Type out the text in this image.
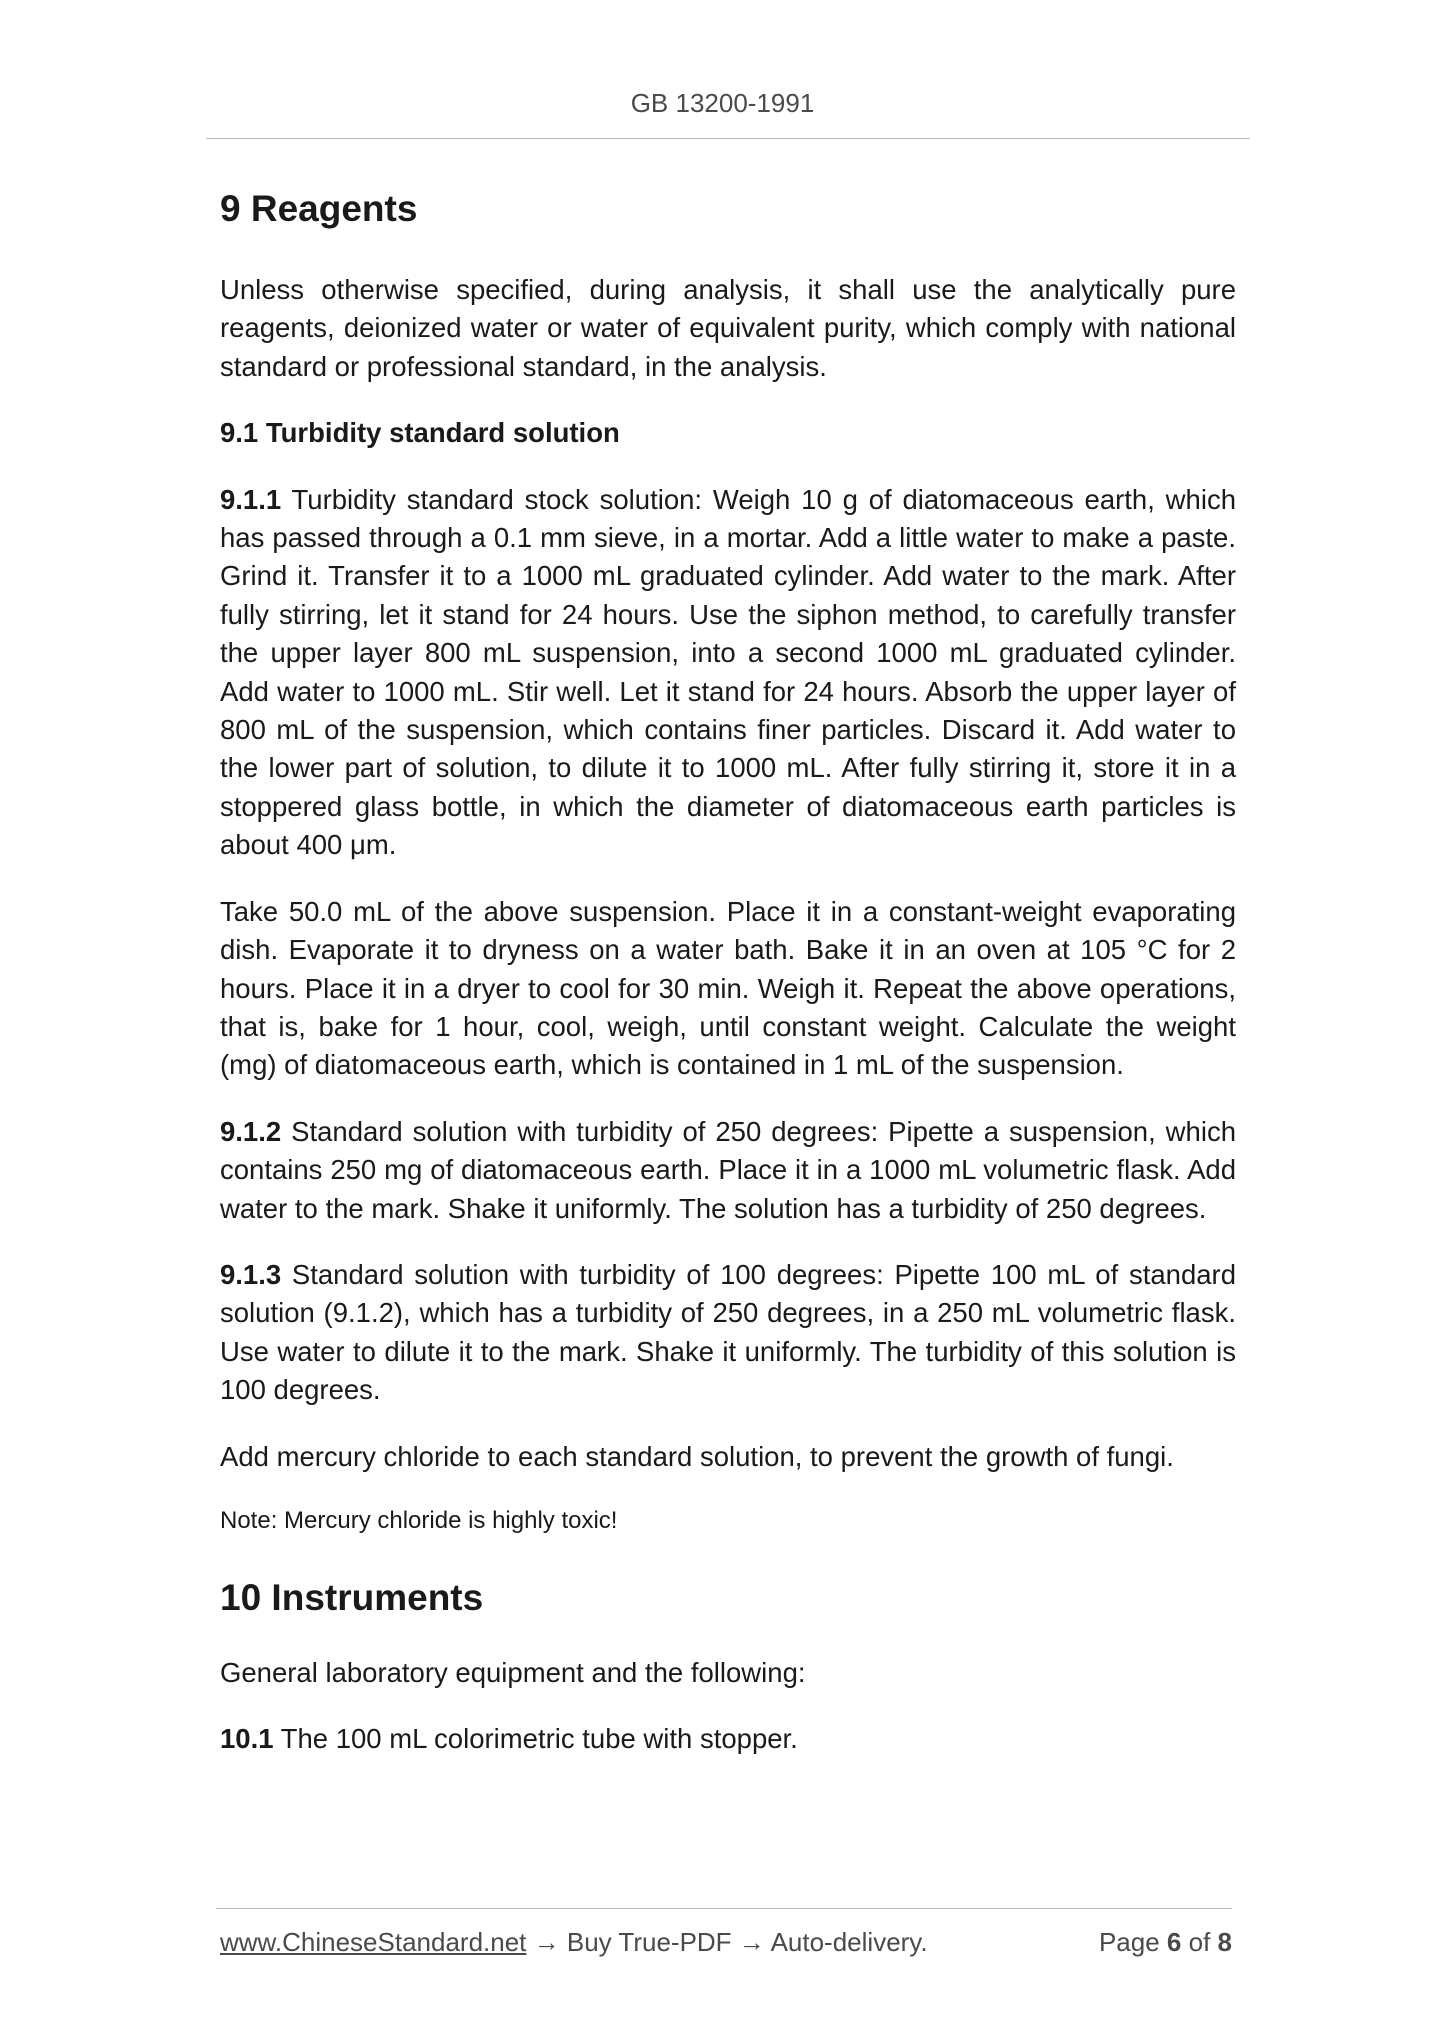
GB 13200-1991
9 Reagents

Unless otherwise specified, during analysis, it shall use the analytically pure reagents, deionized water or water of equivalent purity, which comply with national standard or professional standard, in the analysis.

9.1 Turbidity standard solution

9.1.1 Turbidity standard stock solution: Weigh 10 g of diatomaceous earth, which has passed through a 0.1 mm sieve, in a mortar. Add a little water to make a paste. Grind it. Transfer it to a 1000 mL graduated cylinder. Add water to the mark. After fully stirring, let it stand for 24 hours. Use the siphon method, to carefully transfer the upper layer 800 mL suspension, into a second 1000 mL graduated cylinder. Add water to 1000 mL. Stir well. Let it stand for 24 hours. Absorb the upper layer of 800 mL of the suspension, which contains finer particles. Discard it. Add water to the lower part of solution, to dilute it to 1000 mL. After fully stirring it, store it in a stoppered glass bottle, in which the diameter of diatomaceous earth particles is about 400 μm.

Take 50.0 mL of the above suspension. Place it in a constant-weight evaporating dish. Evaporate it to dryness on a water bath. Bake it in an oven at 105 °C for 2 hours. Place it in a dryer to cool for 30 min. Weigh it. Repeat the above operations, that is, bake for 1 hour, cool, weigh, until constant weight. Calculate the weight (mg) of diatomaceous earth, which is contained in 1 mL of the suspension.

9.1.2 Standard solution with turbidity of 250 degrees: Pipette a suspension, which contains 250 mg of diatomaceous earth. Place it in a 1000 mL volumetric flask. Add water to the mark. Shake it uniformly. The solution has a turbidity of 250 degrees.

9.1.3 Standard solution with turbidity of 100 degrees: Pipette 100 mL of standard solution (9.1.2), which has a turbidity of 250 degrees, in a 250 mL volumetric flask. Use water to dilute it to the mark. Shake it uniformly. The turbidity of this solution is 100 degrees.

Add mercury chloride to each standard solution, to prevent the growth of fungi.

Note: Mercury chloride is highly toxic!

10 Instruments

General laboratory equipment and the following:

10.1 The 100 mL colorimetric tube with stopper.

www.ChineseStandard.net → Buy True-PDF → Auto-delivery.	Page 6 of 8
